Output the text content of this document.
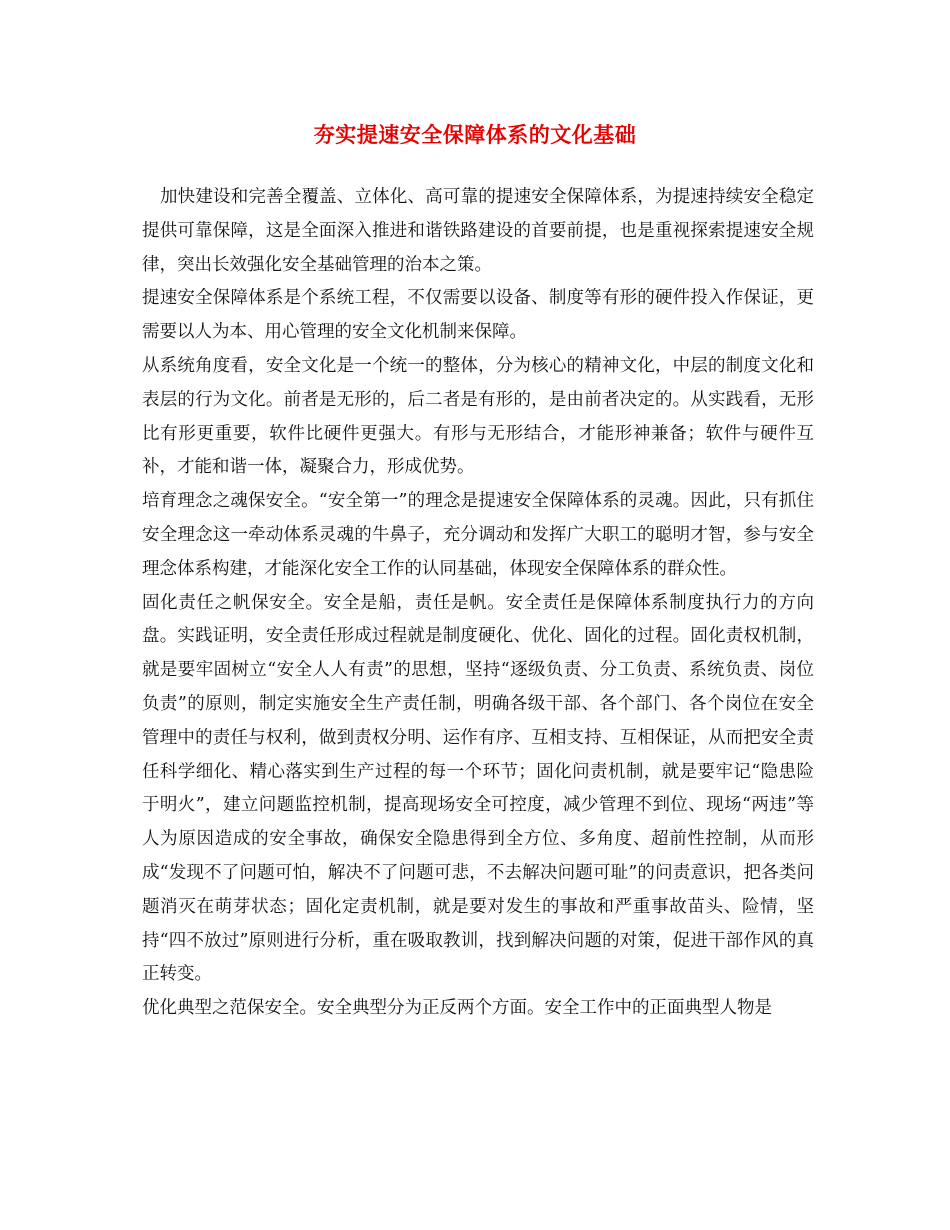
夯实提速安全保障体系的文化基础

加快建设和完善全覆盖、立体化、高可靠的提速安全保障体系，为提速持续安全稳定提供可靠保障，这是全面深入推进和谐铁路建设的首要前提，也是重视探索提速安全规律，突出长效强化安全基础管理的治本之策。

提速安全保障体系是个系统工程，不仅需要以设备、制度等有形的硬件投入作保证，更需要以人为本、用心管理的安全文化机制来保障。

从系统角度看，安全文化是一个统一的整体，分为核心的精神文化，中层的制度文化和表层的行为文化。前者是无形的，后二者是有形的，是由前者决定的。从实践看，无形比有形更重要，软件比硬件更强大。有形与无形结合，才能形神兼备；软件与硬件互补，才能和谐一体，凝聚合力，形成优势。

培育理念之魂保安全。“安全第一”的理念是提速安全保障体系的灵魂。因此，只有抓住安全理念这一牵动体系灵魂的牛鼻子，充分调动和发挥广大职工的聪明才智，参与安全理念体系构建，才能深化安全工作的认同基础，体现安全保障体系的群众性。

固化责任之帆保安全。安全是船，责任是帆。安全责任是保障体系制度执行力的方向盘。实践证明，安全责任形成过程就是制度硬化、优化、固化的过程。固化责权机制，就是要牢固树立“安全人人有责”的思想，坚持“逐级负责、分工负责、系统负责、岗位负责”的原则，制定实施安全生产责任制，明确各级干部、各个部门、各个岗位在安全管理中的责任与权利，做到责权分明、运作有序、互相支持、互相保证，从而把安全责任科学细化、精心落实到生产过程的每一个环节；固化问责机制，就是要牢记“隐患险于明火”，建立问题监控机制，提高现场安全可控度，减少管理不到位、现场“两违”等人为原因造成的安全事故，确保安全隐患得到全方位、多角度、超前性控制，从而形成“发现不了问题可怕，解决不了问题可悲，不去解决问题可耻”的问责意识，把各类问题消灭在萌芽状态；固化定责机制，就是要对发生的事故和严重事故苗头、险情，坚持“四不放过”原则进行分析，重在吸取教训，找到解决问题的对策，促进干部作风的真正转变。

优化典型之范保安全。安全典型分为正反两个方面。安全工作中的正面典型人物是
